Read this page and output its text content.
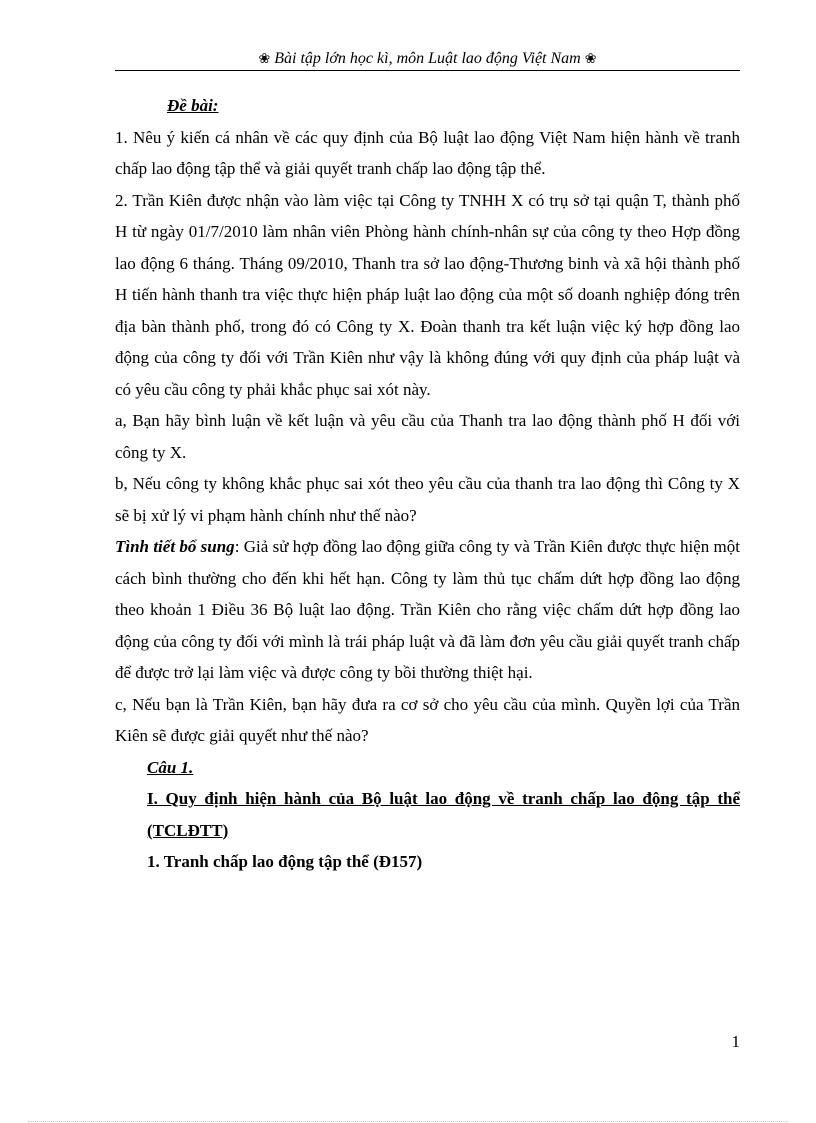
❀ Bài tập lớn học kì, môn Luật lao động Việt Nam ❀

Đề bài:

1. Nêu ý kiến cá nhân về các quy định của Bộ luật lao động Việt Nam hiện hành về tranh chấp lao động tập thể và giải quyết tranh chấp lao động tập thể.

2. Trần Kiên được nhận vào làm việc tại Công ty TNHH X có trụ sở tại quận T, thành phố H từ ngày 01/7/2010 làm nhân viên Phòng hành chính-nhân sự của công ty theo Hợp đồng lao động 6 tháng. Tháng 09/2010, Thanh tra sở lao động-Thương binh và xã hội thành phố H tiến hành thanh tra việc thực hiện pháp luật lao động của một số doanh nghiệp đóng trên địa bàn thành phố, trong đó có Công ty X. Đoàn thanh tra kết luận việc ký hợp đồng lao động của công ty đối với Trần Kiên như vậy là không đúng với quy định của pháp luật và có yêu cầu công ty phải khắc phục sai xót này.

a, Bạn hãy bình luận về kết luận và yêu cầu của Thanh tra lao động thành phố H đối với công ty X.

b, Nếu công ty không khắc phục sai xót theo yêu cầu của thanh tra lao động thì Công ty X sẽ bị xử lý vi phạm hành chính như thế nào?

Tình tiết bổ sung: Giả sử hợp đồng lao động giữa công ty và Trần Kiên được thực hiện một cách bình thường cho đến khi hết hạn. Công ty làm thủ tục chấm dứt hợp đồng lao động theo khoản 1 Điều 36 Bộ luật lao động. Trần Kiên cho rằng việc chấm dứt hợp đồng lao động của công ty đối với mình là trái pháp luật và đã làm đơn yêu cầu giải quyết tranh chấp để được trở lại làm việc và được công ty bồi thường thiệt hại.

c, Nếu bạn là Trần Kiên, bạn hãy đưa ra cơ sở cho yêu cầu của mình. Quyền lợi của Trần Kiên sẽ được giải quyết như thế nào?

Câu 1.

I. Quy định hiện hành của Bộ luật lao động về tranh chấp lao động tập thể (TCLĐTT)

1. Tranh chấp lao động tập thể (Đ157)

1
